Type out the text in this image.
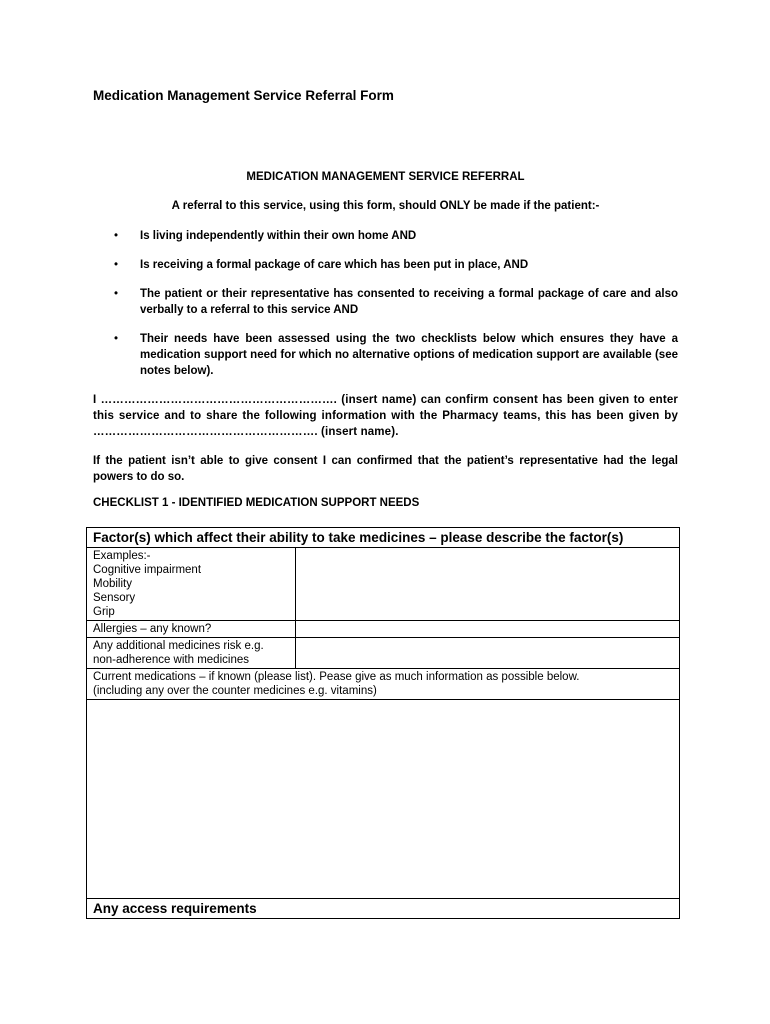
Medication Management Service Referral Form
MEDICATION MANAGEMENT SERVICE REFERRAL
A referral to this service, using this form, should ONLY be made if the patient:-
• Is living independently within their own home AND
• Is receiving a formal package of care which has been put in place, AND
• The patient or their representative has consented to receiving a formal package of care and also verbally to a referral to this service AND
• Their needs have been assessed using the two checklists below which ensures they have a medication support need for which no alternative options of medication support are available (see notes below).
I ……………………………………………………. (insert name) can confirm consent has been given to enter this service and to share the following information with the Pharmacy teams, this has been given by …………………………………………………. (insert name).
If the patient isn’t able to give consent I can confirmed that the patient’s representative had the legal powers to do so.
CHECKLIST 1 - IDENTIFIED MEDICATION SUPPORT NEEDS
Factor(s) which affect their ability to take medicines – please describe the factor(s)	

Examples:-
Cognitive impairment
Mobility
Sensory
Grip	

Allergies – any known?	

Any additional medicines risk e.g.
non-adherence with medicines	

Current medications – if known (please list). Pease give as much information as possible below.
(including any over the counter medicines e.g. vitamins)	

Any access requirements	
